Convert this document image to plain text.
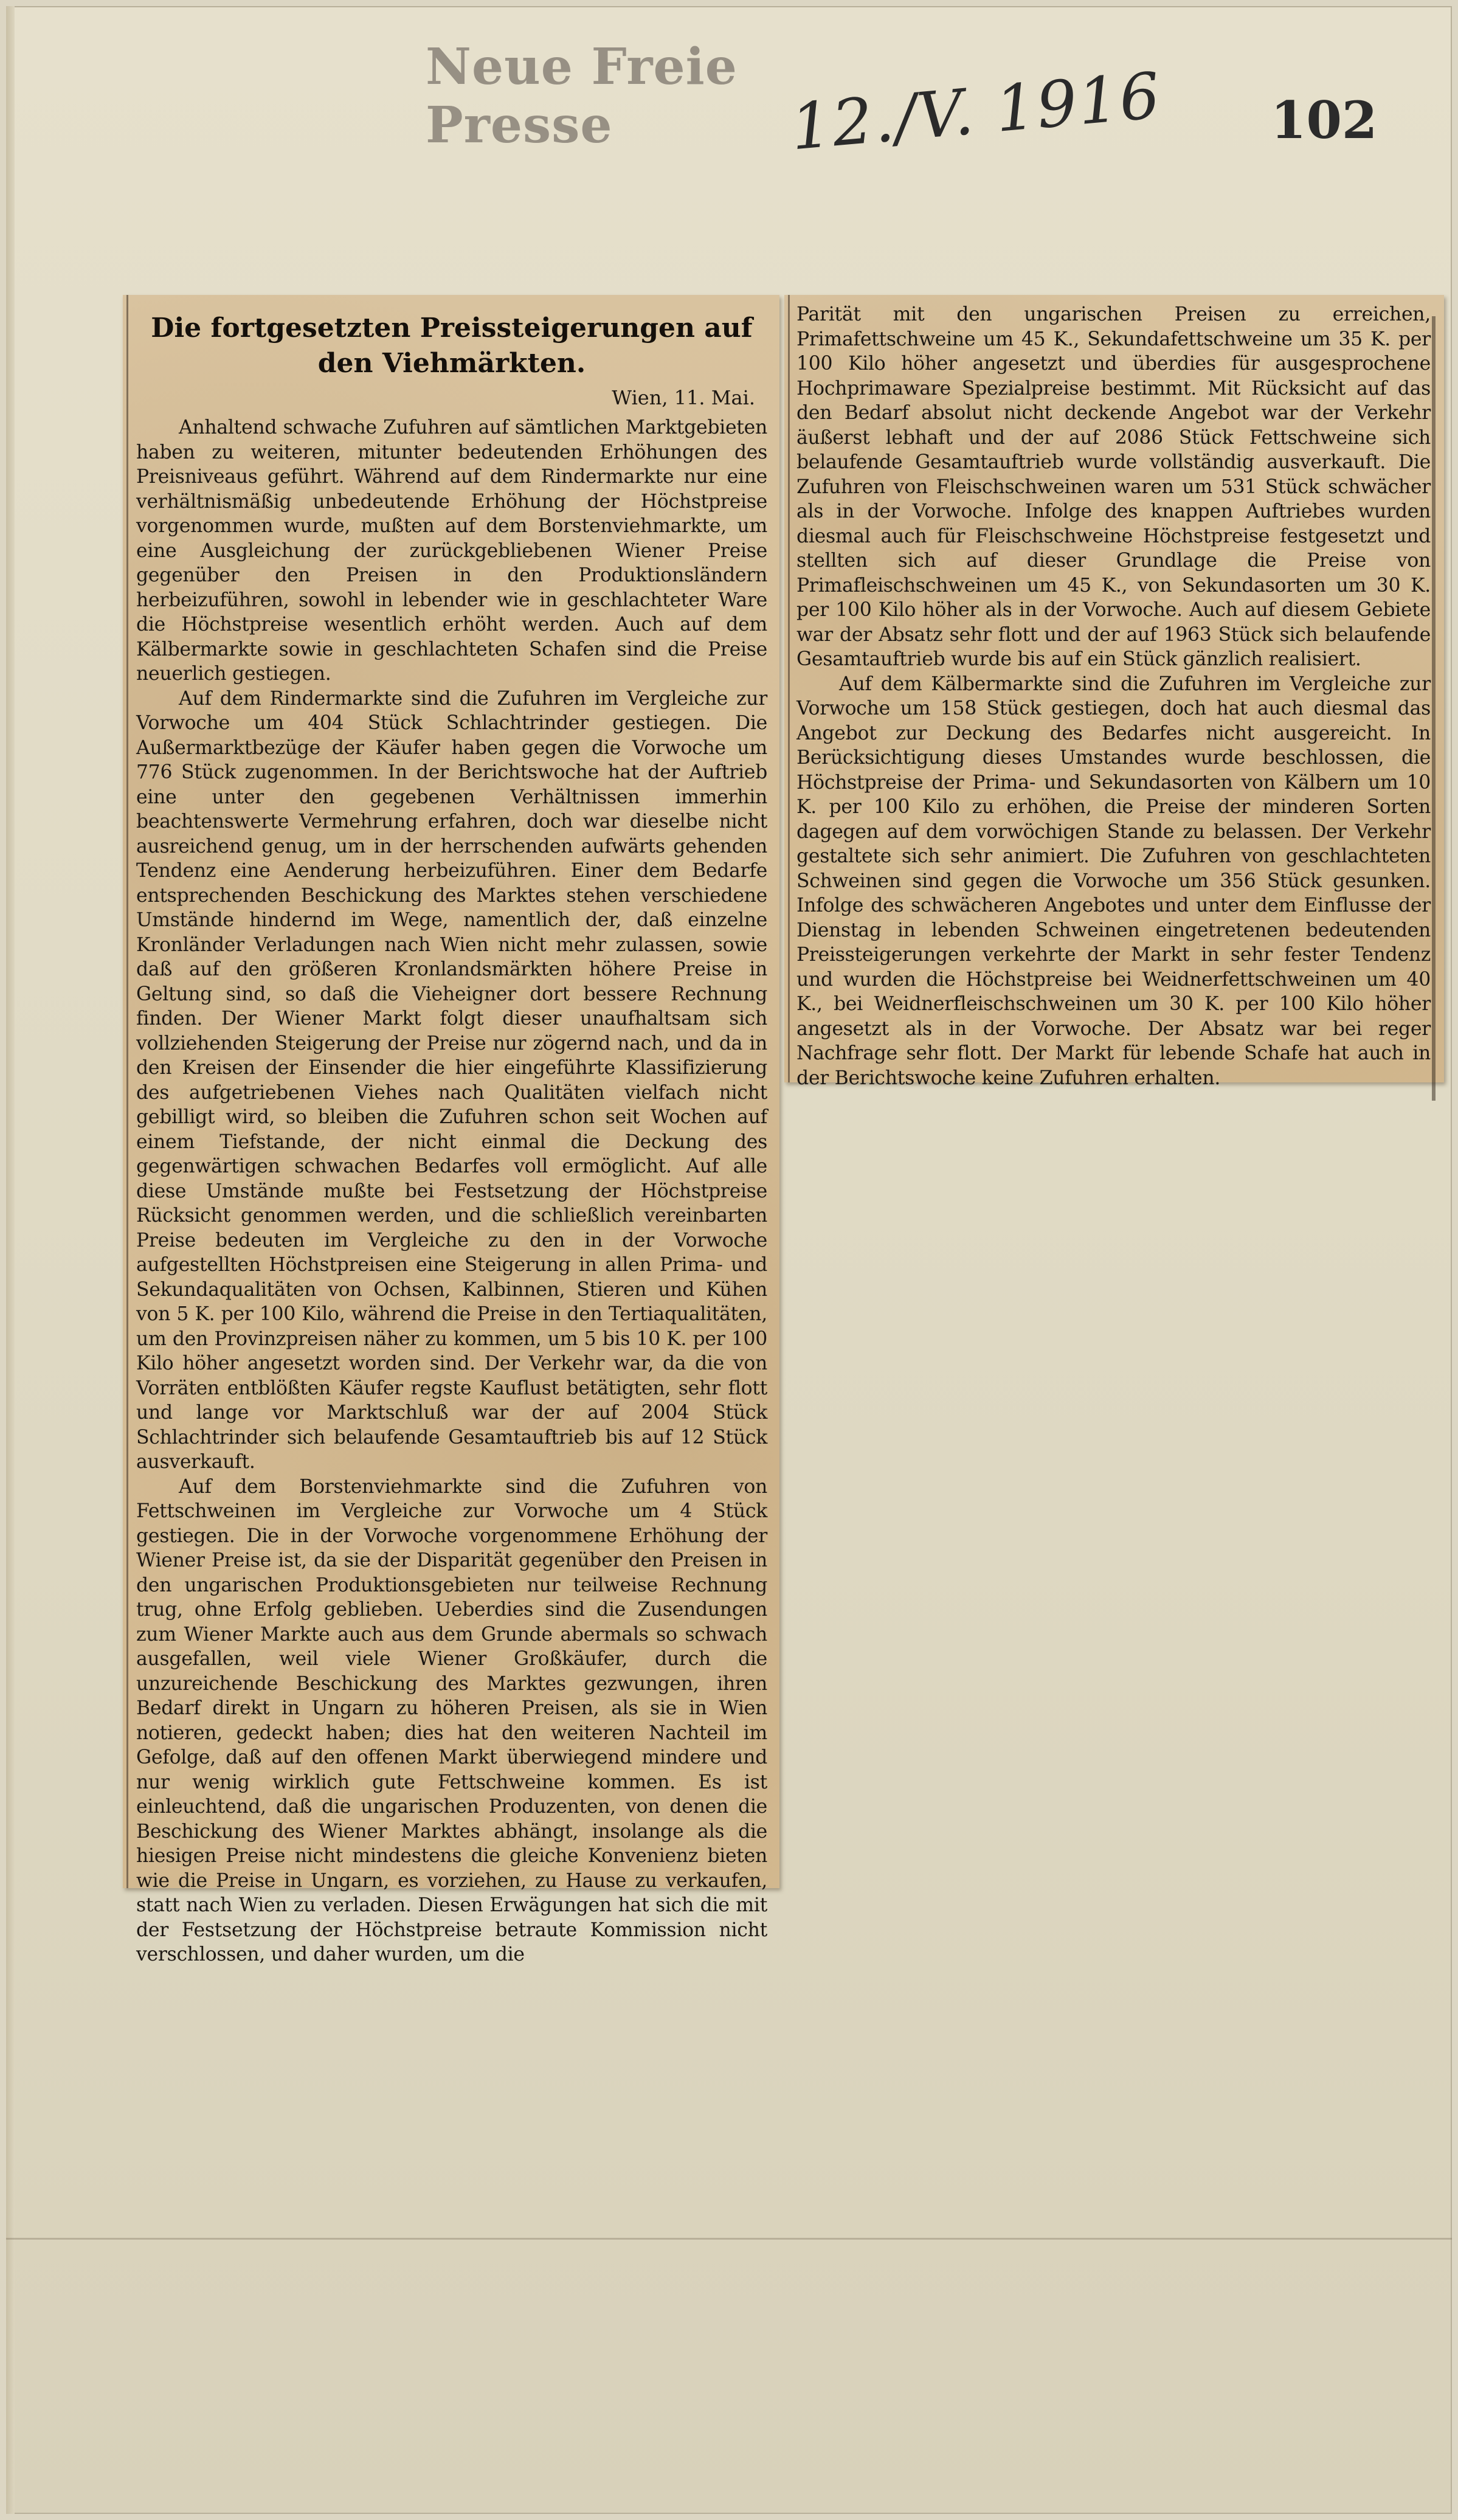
Neue Freie Presse	12./V. 1916 102
Die fortgesetzten Preissteigerungen auf den Viehmärkten.
Wien, 11. Mai.

Anhaltend schwache Zufuhren auf sämtlichen Marktgebieten haben zu weiteren, mitunter bedeutenden Erhöhungen des Preisniveaus geführt. Während auf dem Rindermarkte nur eine verhältnismäßig unbedeutende Erhöhung der Höchstpreise vorgenommen wurde, mußten auf dem Borstenviehmarkte, um eine Ausgleichung der zurückgebliebenen Wiener Preise gegenüber den Preisen in den Produktionsländern herbeizuführen, sowohl in lebender wie in geschlachteter Ware die Höchstpreise wesentlich erhöht werden. Auch auf dem Kälbermarkte sowie in geschlachteten Schafen sind die Preise neuerlich gestiegen.

Auf dem Rindermarkte sind die Zufuhren im Vergleiche zur Vorwoche um 404 Stück Schlachtrinder gestiegen. Die Außermarktbezüge der Käufer haben gegen die Vorwoche um 776 Stück zugenommen. In der Berichtswoche hat der Auftrieb eine unter den gegebenen Verhältnissen immerhin beachtenswerte Vermehrung erfahren, doch war dieselbe nicht ausreichend genug, um in der herrschenden aufwärts gehenden Tendenz eine Aenderung herbeizuführen. Einer dem Bedarfe entsprechenden Beschickung des Marktes stehen verschiedene Umstände hindernd im Wege, namentlich der, daß einzelne Kronländer Verladungen nach Wien nicht mehr zulassen, sowie daß auf den größeren Kronlandsmärkten höhere Preise in Geltung sind, so daß die Vieheigner dort bessere Rechnung finden. Der Wiener Markt folgt dieser unaufhaltsam sich vollziehenden Steigerung der Preise nur zögernd nach, und da in den Kreisen der Einsender die hier eingeführte Klassifizierung des aufgetriebenen Viehes nach Qualitäten vielfach nicht gebilligt wird, so bleiben die Zufuhren schon seit Wochen auf einem Tiefstande, der nicht einmal die Deckung des gegenwärtigen schwachen Bedarfes voll ermöglicht. Auf alle diese Umstände mußte bei Festsetzung der Höchstpreise Rücksicht genommen werden, und die schließlich vereinbarten Preise bedeuten im Vergleiche zu den in der Vorwoche aufgestellten Höchstpreisen eine Steigerung in allen Prima- und Sekundaqualitäten von Ochsen, Kalbinnen, Stieren und Kühen von 5 K. per 100 Kilo, während die Preise in den Tertiaqualitäten, um den Provinzpreisen näher zu kommen, um 5 bis 10 K. per 100 Kilo höher angesetzt worden sind. Der Verkehr war, da die von Vorräten entblößten Käufer regste Kauflust betätigten, sehr flott und lange vor Marktschluß war der auf 2004 Stück Schlachtrinder sich belaufende Gesamtauftrieb bis auf 12 Stück ausverkauft.

Auf dem Borstenviehmarkte sind die Zufuhren von Fettschweinen im Vergleiche zur Vorwoche um 4 Stück gestiegen. Die in der Vorwoche vorgenommene Erhöhung der Wiener Preise ist, da sie der Disparität gegenüber den Preisen in den ungarischen Produktionsgebieten nur teilweise Rechnung trug, ohne Erfolg geblieben. Ueberdies sind die Zusendungen zum Wiener Markte auch aus dem Grunde abermals so schwach ausgefallen, weil viele Wiener Großkäufer, durch die unzureichende Beschickung des Marktes gezwungen, ihren Bedarf direkt in Ungarn zu höheren Preisen, als sie in Wien notieren, gedeckt haben; dies hat den weiteren Nachteil im Gefolge, daß auf den offenen Markt überwiegend mindere und nur wenig wirklich gute Fettschweine kommen. Es ist einleuchtend, daß die ungarischen Produzenten, von denen die Beschickung des Wiener Marktes abhängt, insolange als die hiesigen Preise nicht mindestens die gleiche Konvenienz bieten wie die Preise in Ungarn, es vorziehen, zu Hause zu verkaufen, statt nach Wien zu verladen. Diesen Erwägungen hat sich die mit der Festsetzung der Höchstpreise betraute Kommission nicht verschlossen, und daher wurden, um die

Parität mit den ungarischen Preisen zu erreichen, Primafettschweine um 45 K., Sekundafettschweine um 35 K. per 100 Kilo höher angesetzt und überdies für ausgesprochene Hochprimaware Spezialpreise bestimmt. Mit Rücksicht auf das den Bedarf absolut nicht deckende Angebot war der Verkehr äußerst lebhaft und der auf 2086 Stück Fettschweine sich belaufende Gesamtauftrieb wurde vollständig ausverkauft. Die Zufuhren von Fleischschweinen waren um 531 Stück schwächer als in der Vorwoche. Infolge des knappen Auftriebes wurden diesmal auch für Fleischschweine Höchstpreise festgesetzt und stellten sich auf dieser Grundlage die Preise von Primafleischschweinen um 45 K., von Sekundasorten um 30 K. per 100 Kilo höher als in der Vorwoche. Auch auf diesem Gebiete war der Absatz sehr flott und der auf 1963 Stück sich belaufende Gesamtauftrieb wurde bis auf ein Stück gänzlich realisiert.

Auf dem Kälbermarkte sind die Zufuhren im Vergleiche zur Vorwoche um 158 Stück gestiegen, doch hat auch diesmal das Angebot zur Deckung des Bedarfes nicht ausgereicht. In Berücksichtigung dieses Umstandes wurde beschlossen, die Höchstpreise der Prima- und Sekundasorten von Kälbern um 10 K. per 100 Kilo zu erhöhen, die Preise der minderen Sorten dagegen auf dem vorwöchigen Stande zu belassen. Der Verkehr gestaltete sich sehr animiert. Die Zufuhren von geschlachteten Schweinen sind gegen die Vorwoche um 356 Stück gesunken. Infolge des schwächeren Angebotes und unter dem Einflusse der Dienstag in lebenden Schweinen eingetretenen bedeutenden Preissteigerungen verkehrte der Markt in sehr fester Tendenz und wurden die Höchstpreise bei Weidnerfettschweinen um 40 K., bei Weidnerfleischschweinen um 30 K. per 100 Kilo höher angesetzt als in der Vorwoche. Der Absatz war bei reger Nachfrage sehr flott. Der Markt für lebende Schafe hat auch in der Berichtswoche keine Zufuhren erhalten.
